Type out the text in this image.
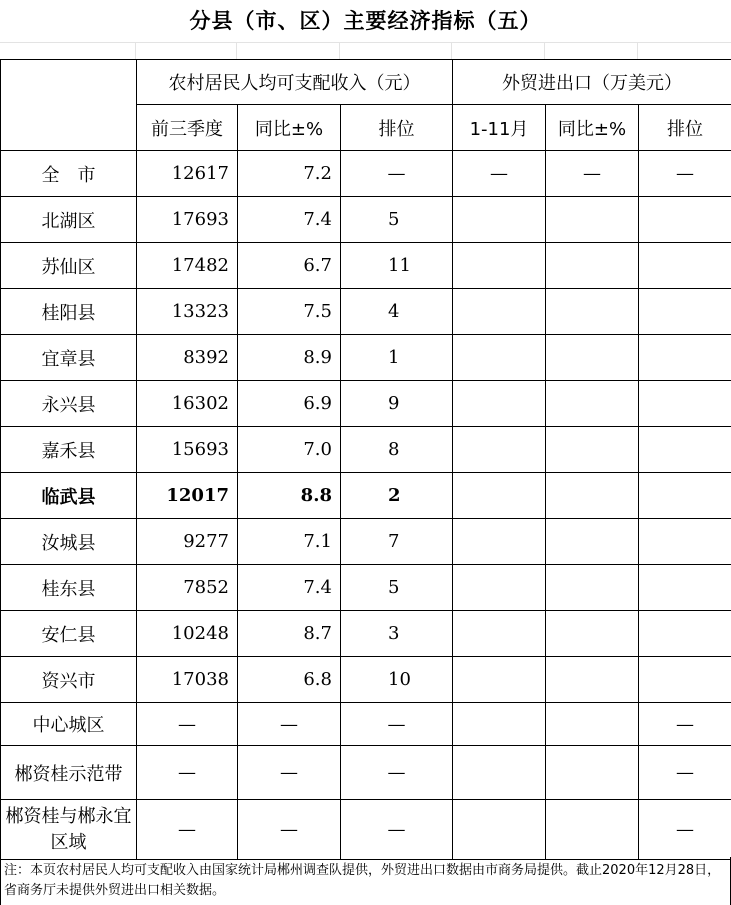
分县（市、区）主要经济指标（五）
	农村居民人均可支配收入（元）			外贸进出口（万美元）		
	前三季度	同比±%	排位	1-11月	同比±%	排位
全　市	12617	7.2	—	—	—	—
北湖区	17693	7.4	5			
苏仙区	17482	6.7	11			
桂阳县	13323	7.5	4			
宜章县	8392	8.9	1			
永兴县	16302	6.9	9			
嘉禾县	15693	7.0	8			
临武县	12017	8.8	2			
汝城县	9277	7.1	7			
桂东县	7852	7.4	5			
安仁县	10248	8.7	3			
资兴市	17038	6.8	10			
中心城区	—	—	—			—
郴资桂示范带	—	—	—			—
郴资桂与郴永宜区域	—	—	—			—
注：本页农村居民人均可支配收入由国家统计局郴州调查队提供，外贸进出口数据由市商务局提供。截止2020年12月28日，省商务厅未提供外贸进出口相关数据。
